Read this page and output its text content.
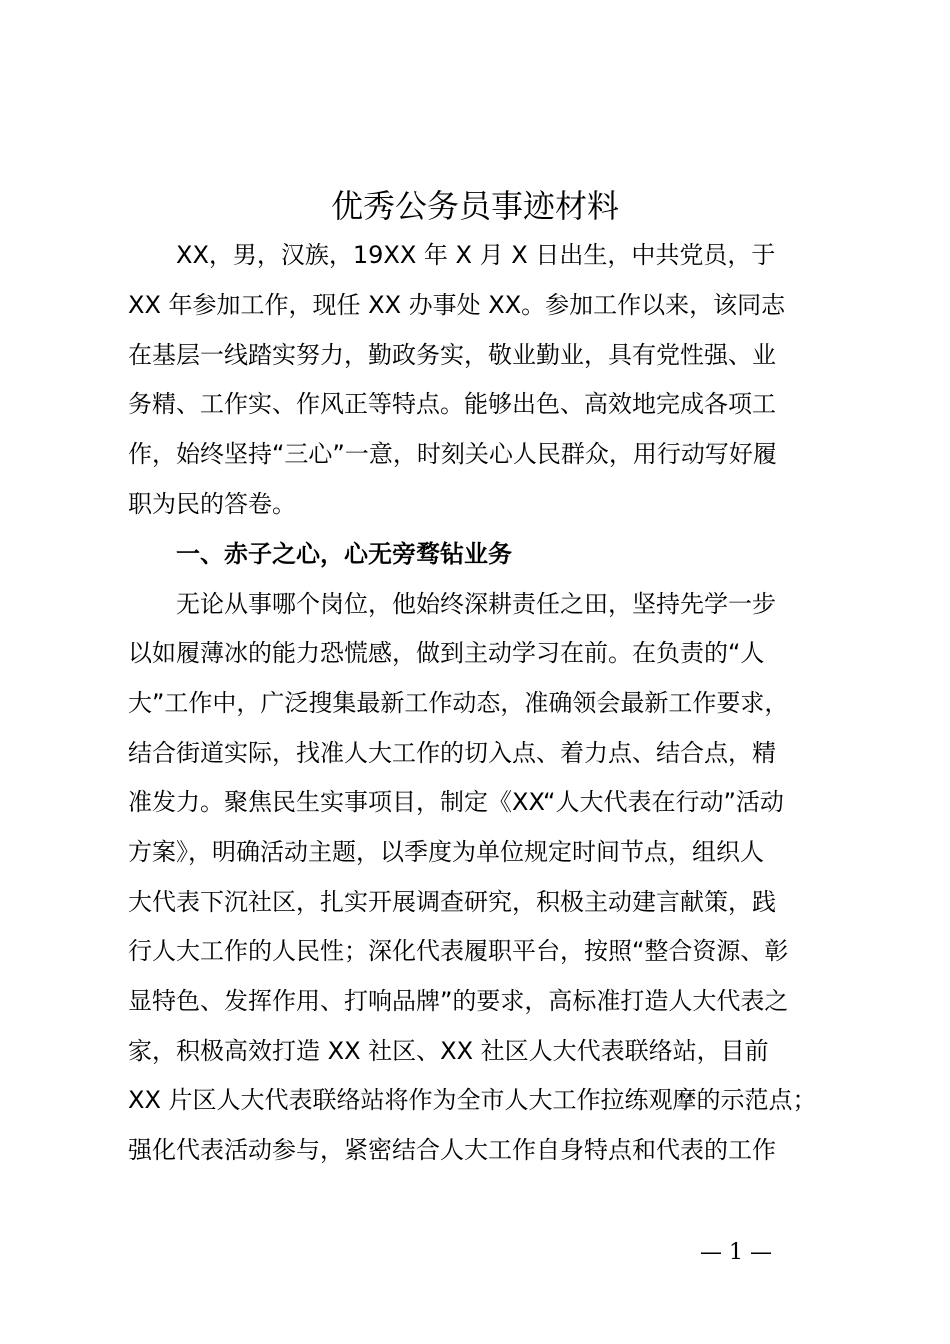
优秀公务员事迹材料
　　XX，男，汉族，19XX 年 X 月 X 日出生，中共党员，于
XX 年参加工作，现任 XX 办事处 XX。参加工作以来，该同志
在基层一线踏实努力，勤政务实，敬业勤业，具有党性强、业
务精、工作实、作风正等特点。能够出色、高效地完成各项工
作，始终坚持“三心”一意，时刻关心人民群众，用行动写好履
职为民的答卷。
　　一、赤子之心，心无旁骛钻业务
　　无论从事哪个岗位，他始终深耕责任之田，坚持先学一步
以如履薄冰的能力恐慌感，做到主动学习在前。在负责的“人
大”工作中，广泛搜集最新工作动态，准确领会最新工作要求，
结合街道实际，找准人大工作的切入点、着力点、结合点，精
准发力。聚焦民生实事项目，制定《XX“人大代表在行动”活动
方案》，明确活动主题，以季度为单位规定时间节点，组织人
大代表下沉社区，扎实开展调查研究，积极主动建言献策，践
行人大工作的人民性；深化代表履职平台，按照“整合资源、彰
显特色、发挥作用、打响品牌”的要求，高标准打造人大代表之
家，积极高效打造 XX 社区、XX 社区人大代表联络站，目前
XX 片区人大代表联络站将作为全市人大工作拉练观摩的示范点；
强化代表活动参与，紧密结合人大工作自身特点和代表的工作
— 1 —
